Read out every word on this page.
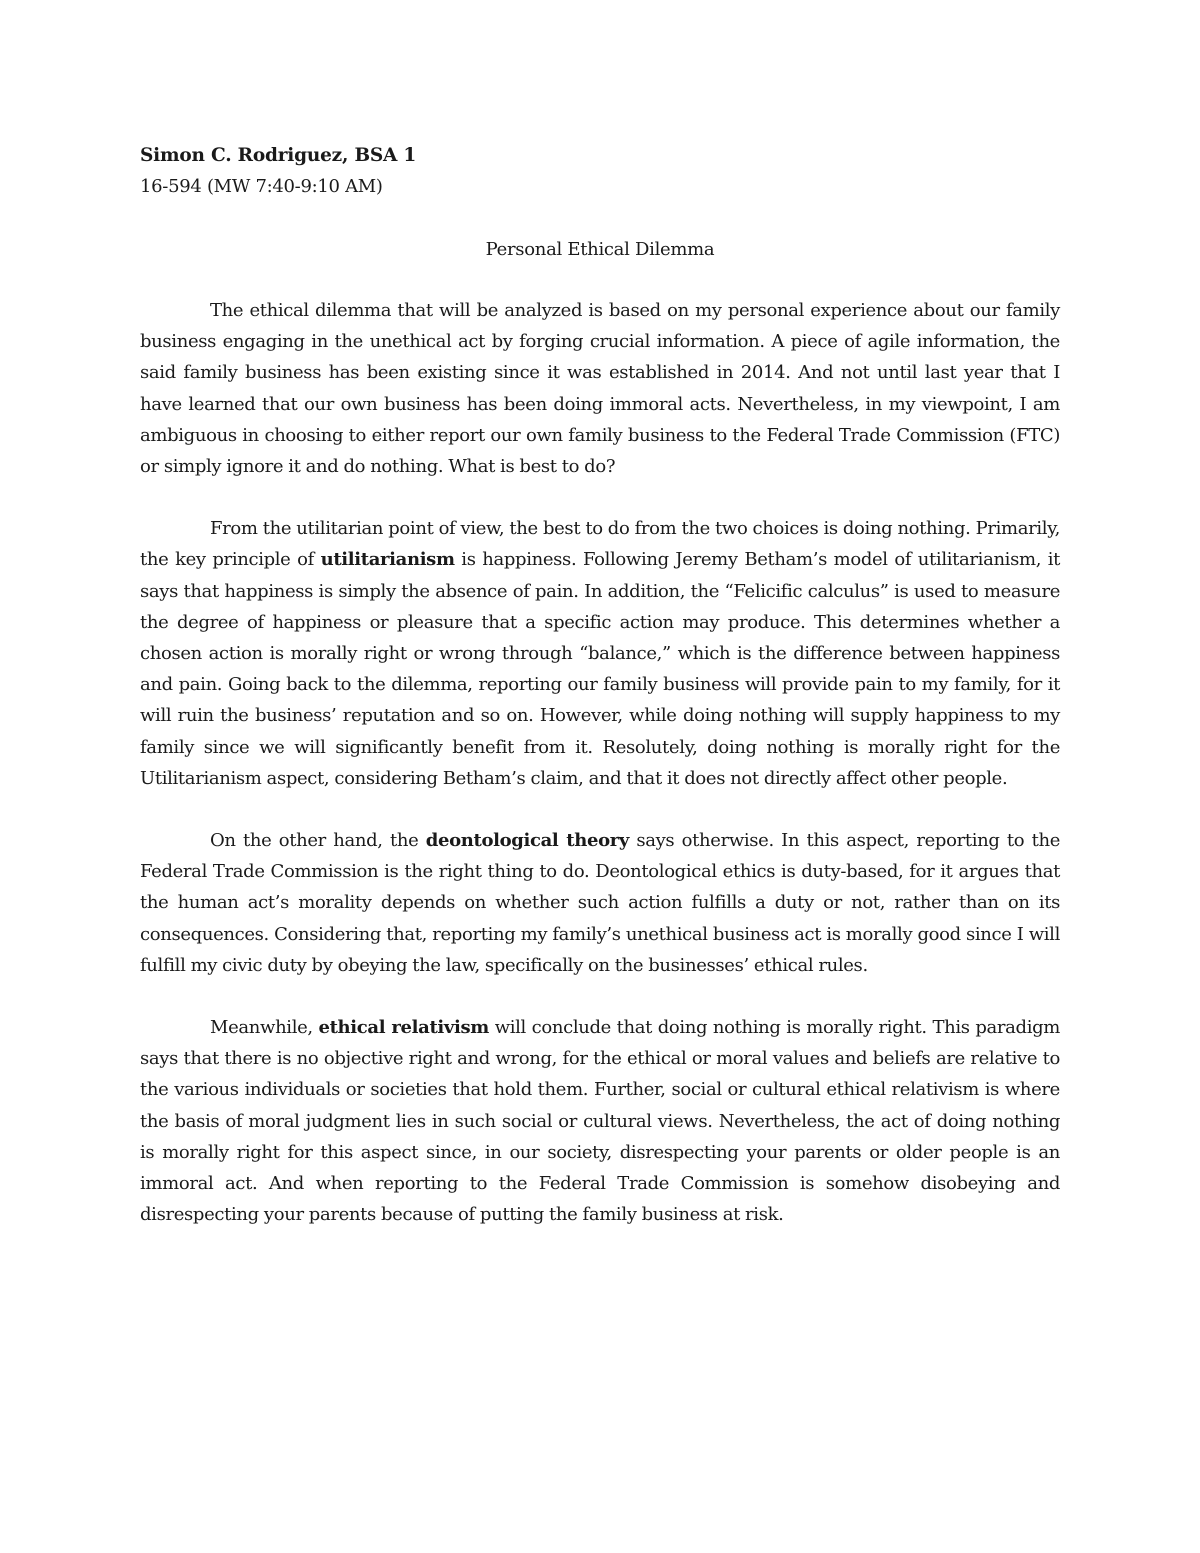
Simon C. Rodriguez, BSA 1

16-594 (MW 7:40-9:10 AM)

Personal Ethical Dilemma

The ethical dilemma that will be analyzed is based on my personal experience about our family business engaging in the unethical act by forging crucial information. A piece of agile information, the said family business has been existing since it was established in 2014. And not until last year that I have learned that our own business has been doing immoral acts. Nevertheless, in my viewpoint, I am ambiguous in choosing to either report our own family business to the Federal Trade Commission (FTC) or simply ignore it and do nothing. What is best to do?

From the utilitarian point of view, the best to do from the two choices is doing nothing. Primarily, the key principle of utilitarianism is happiness. Following Jeremy Betham’s model of utilitarianism, it says that happiness is simply the absence of pain. In addition, the “Felicific calculus” is used to measure the degree of happiness or pleasure that a specific action may produce. This determines whether a chosen action is morally right or wrong through “balance,” which is the difference between happiness and pain. Going back to the dilemma, reporting our family business will provide pain to my family, for it will ruin the business’ reputation and so on. However, while doing nothing will supply happiness to my family since we will significantly benefit from it. Resolutely, doing nothing is morally right for the Utilitarianism aspect, considering Betham’s claim, and that it does not directly affect other people.

On the other hand, the deontological theory says otherwise. In this aspect, reporting to the Federal Trade Commission is the right thing to do. Deontological ethics is duty-based, for it argues that the human act’s morality depends on whether such action fulfills a duty or not, rather than on its consequences. Considering that, reporting my family’s unethical business act is morally good since I will fulfill my civic duty by obeying the law, specifically on the businesses’ ethical rules.

Meanwhile, ethical relativism will conclude that doing nothing is morally right. This paradigm says that there is no objective right and wrong, for the ethical or moral values and beliefs are relative to the various individuals or societies that hold them. Further, social or cultural ethical relativism is where the basis of moral judgment lies in such social or cultural views. Nevertheless, the act of doing nothing is morally right for this aspect since, in our society, disrespecting your parents or older people is an immoral act. And when reporting to the Federal Trade Commission is somehow disobeying and disrespecting your parents because of putting the family business at risk.
